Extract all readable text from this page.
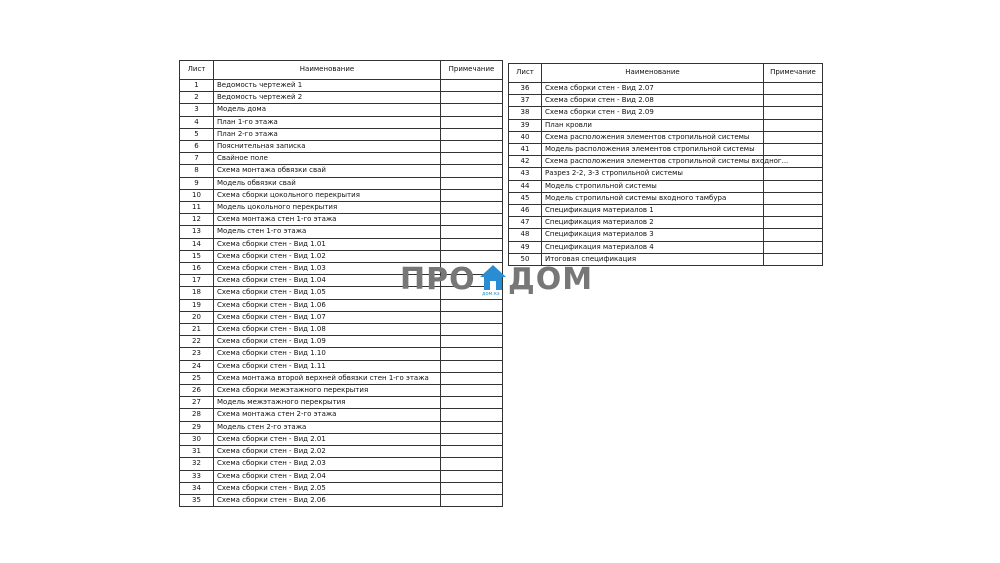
Лист	Наименование	Примечание
1	Ведомость чертежей 1	
2	Ведомость чертежей 2	
3	Модель дома	
4	План 1-го этажа	
5	План 2-го этажа	
6	Пояснительная записка	
7	Свайное поле	
8	Схема монтажа обвязки свай	
9	Модель обвязки свай	
10	Схема сборки цокольного перекрытия	
11	Модель цокольного перекрытия	
12	Схема монтажа стен 1-го этажа	
13	Модель стен 1-го этажа	
14	Схема сборки стен - Вид 1.01	
15	Схема сборки стен - Вид 1.02	
16	Схема сборки стен - Вид 1.03	
17	Схема сборки стен - Вид 1.04	
18	Схема сборки стен - Вид 1.05	
19	Схема сборки стен - Вид 1.06	
20	Схема сборки стен - Вид 1.07	
21	Схема сборки стен - Вид 1.08	
22	Схема сборки стен - Вид 1.09	
23	Схема сборки стен - Вид 1.10	
24	Схема сборки стен - Вид 1.11	
25	Схема монтажа второй верхней обвязки стен 1-го этажа	
26	Схема сборки межэтажного перекрытия	
27	Модель межэтажного перекрытия	
28	Схема монтажа стен 2-го этажа	
29	Модель стен 2-го этажа	
30	Схема сборки стен - Вид 2.01	
31	Схема сборки стен - Вид 2.02	
32	Схема сборки стен - Вид 2.03	
33	Схема сборки стен - Вид 2.04	
34	Схема сборки стен - Вид 2.05	
35	Схема сборки стен - Вид 2.06	
Лист	Наименование	Примечание
36	Схема сборки стен - Вид 2.07	
37	Схема сборки стен - Вид 2.08	
38	Схема сборки стен - Вид 2.09	
39	План кровли	
40	Схема расположения элементов стропильной системы	
41	Модель расположения элементов стропильной системы	
42	Схема расположения элементов стропильной системы входног...	
43	Разрез 2-2, 3-3 стропильной системы	
44	Модель стропильной системы	
45	Модель стропильной системы входного тамбура	
46	Спецификация материалов 1	
47	Спецификация материалов 2	
48	Спецификация материалов 3	
49	Спецификация материалов 4	
50	Итоговая спецификация	
ПРО дом.кз ДОМ
